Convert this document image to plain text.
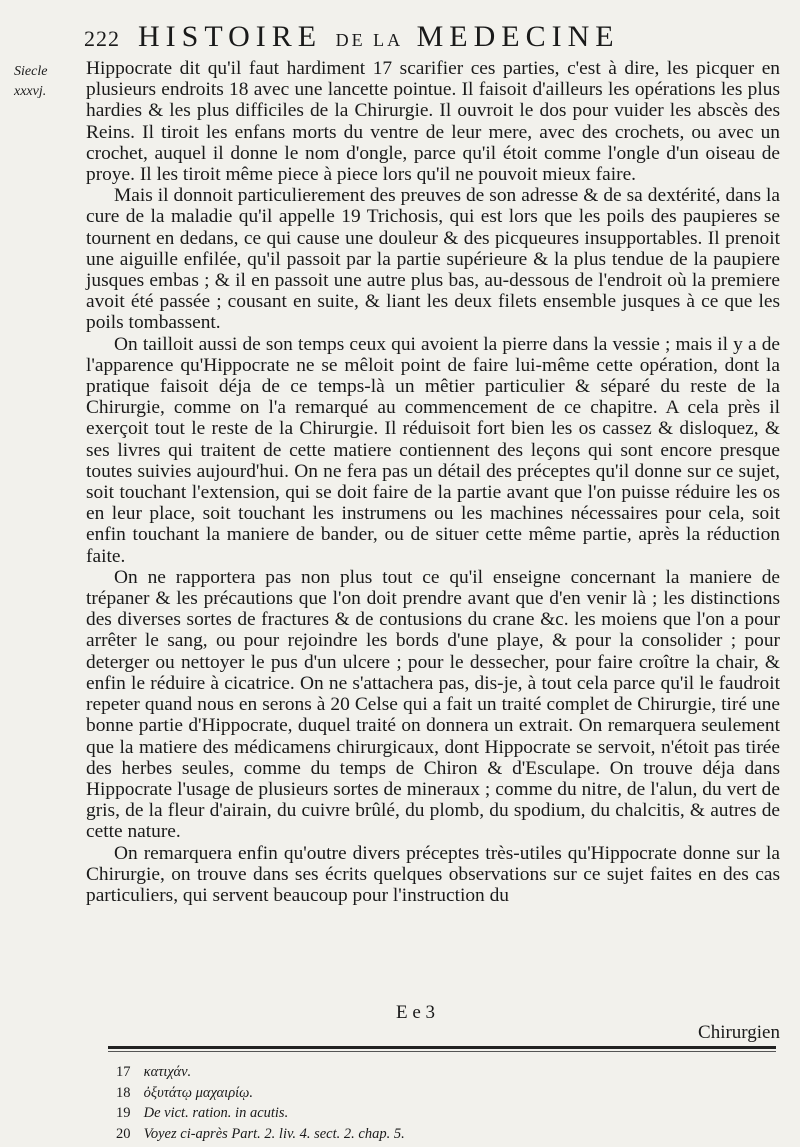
222 HISTOIRE DE LA MEDECINE
Siecle
xxxvj.

Hippocrate dit qu'il faut hardiment 17 scarifier ces parties, c'est à dire, les picquer en plusieurs endroits 18 avec une lancette pointue. Il faisoit d'ailleurs les opérations les plus hardies & les plus difficiles de la Chirurgie. Il ouvroit le dos pour vuider les abscès des Reins. Il tiroit les enfans morts du ventre de leur mere, avec des crochets, ou avec un crochet, auquel il donne le nom d'ongle, parce qu'il étoit comme l'ongle d'un oiseau de proye. Il les tiroit même piece à piece lors qu'il ne pouvoit mieux faire.

Mais il donnoit particulierement des preuves de son adresse & de sa dextérité, dans la cure de la maladie qu'il appelle 19 Trichosis, qui est lors que les poils des paupieres se tournent en dedans, ce qui cause une douleur & des picqueures insupportables. Il prenoit une aiguille enfilée, qu'il passoit par la partie supérieure & la plus tendue de la paupiere jusques embas ; & il en passoit une autre plus bas, au-dessous de l'endroit où la premiere avoit été passée ; cousant en suite, & liant les deux filets ensemble jusques à ce que les poils tombassent.

On tailloit aussi de son temps ceux qui avoient la pierre dans la vessie ; mais il y a de l'apparence qu'Hippocrate ne se mêloit point de faire lui-même cette opération, dont la pratique faisoit déja de ce temps-là un mêtier particulier & séparé du reste de la Chirurgie, comme on l'a remarqué au commencement de ce chapitre. A cela près il exerçoit tout le reste de la Chirurgie. Il réduisoit fort bien les os cassez & disloquez, & ses livres qui traitent de cette matiere contiennent des leçons qui sont encore presque toutes suivies aujourd'hui. On ne fera pas un détail des préceptes qu'il donne sur ce sujet, soit touchant l'extension, qui se doit faire de la partie avant que l'on puisse réduire les os en leur place, soit touchant les instrumens ou les machines nécessaires pour cela, soit enfin touchant la maniere de bander, ou de situer cette même partie, après la réduction faite.

On ne rapportera pas non plus tout ce qu'il enseigne concernant la maniere de trépaner & les précautions que l'on doit prendre avant que d'en venir là ; les distinctions des diverses sortes de fractures & de contusions du crane &c. les moiens que l'on a pour arrêter le sang, ou pour rejoindre les bords d'une playe, & pour la consolider ; pour deterger ou nettoyer le pus d'un ulcere ; pour le dessecher, pour faire croître la chair, & enfin le réduire à cicatrice. On ne s'attachera pas, dis-je, à tout cela parce qu'il le faudroit repeter quand nous en serons à 20 Celse qui a fait un traité complet de Chirurgie, tiré une bonne partie d'Hippocrate, duquel traité on donnera un extrait. On remarquera seulement que la matiere des médicamens chirurgicaux, dont Hippocrate se servoit, n'étoit pas tirée des herbes seules, comme du temps de Chiron & d'Esculape. On trouve déja dans Hippocrate l'usage de plusieurs sortes de mineraux ; comme du nitre, de l'alun, du vert de gris, de la fleur d'airain, du cuivre brûlé, du plomb, du spodium, du chalcitis, & autres de cette nature.

On remarquera enfin qu'outre divers préceptes très-utiles qu'Hippocrate donne sur la Chirurgie, on trouve dans ses écrits quelques observations sur ce sujet faites en des cas particuliers, qui servent beaucoup pour l'instruction du

E e 3
Chirurgien
17 κατιχάν.
18 ὀξυτάτῳ μαχαιρίῳ.
19 De vict. ration. in acutis.
20 Voyez ci-après Part. 2. liv. 4. sect. 2. chap. 5.
